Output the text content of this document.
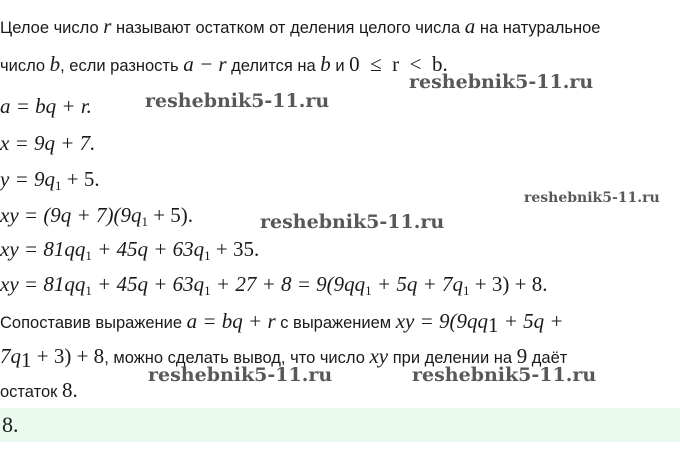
Целое число r называют остатком от деления целого числа a на натуральное
число b, если разность a − r делится на b и 0  ≤  r  <  b.
a = bq + r.
x = 9q + 7.
$y = 9q_1 + 5$.
xy = $(9q + 7)(9q_1 + 5)$.
xy = $81qq_1 + 45q + 63q_1 + 35$.
xy = $81qq_1 + 45q + 63q_1 + 27 + 8 = 9(9qq_1 + 5q + 7q_1 + 3) + 8$.
Сопоставив выражение a = bq + r с выражением xy = $9(9qq_1 + 5q$ +
$7q_1 + 3) + 8$, можно сделать вывод, что число xy при делении на 9 даёт
остаток 8.
8.
reshebnik5-11.ru
reshebnik5-11.ru
reshebnik5-11.ru
reshebnik5-11.ru
reshebnik5-11.ru	reshebnik5-11.ru
